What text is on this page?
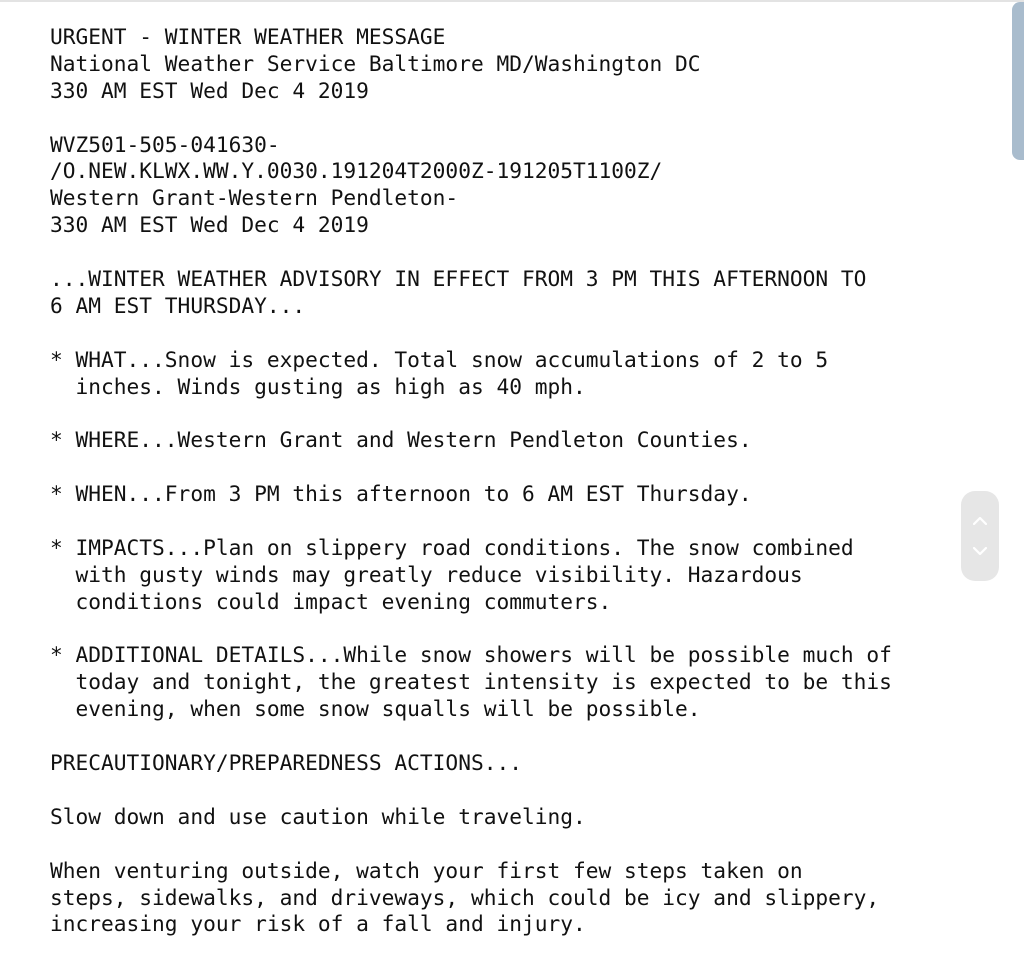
URGENT - WINTER WEATHER MESSAGE
National Weather Service Baltimore MD/Washington DC
330 AM EST Wed Dec 4 2019
WVZ501-505-041630-
/O.NEW.KLWX.WW.Y.0030.191204T2000Z-191205T1100Z/
Western Grant-Western Pendleton-
330 AM EST Wed Dec 4 2019
...WINTER WEATHER ADVISORY IN EFFECT FROM 3 PM THIS AFTERNOON TO
6 AM EST THURSDAY...
* WHAT...Snow is expected. Total snow accumulations of 2 to 5
inches. Winds gusting as high as 40 mph.
* WHERE...Western Grant and Western Pendleton Counties.
* WHEN...From 3 PM this afternoon to 6 AM EST Thursday.
* IMPACTS...Plan on slippery road conditions. The snow combined
with gusty winds may greatly reduce visibility. Hazardous
conditions could impact evening commuters.
* ADDITIONAL DETAILS...While snow showers will be possible much of
today and tonight, the greatest intensity is expected to be this
evening, when some snow squalls will be possible.
PRECAUTIONARY/PREPAREDNESS ACTIONS...
Slow down and use caution while traveling.
When venturing outside, watch your first few steps taken on
steps, sidewalks, and driveways, which could be icy and slippery,
increasing your risk of a fall and injury.
